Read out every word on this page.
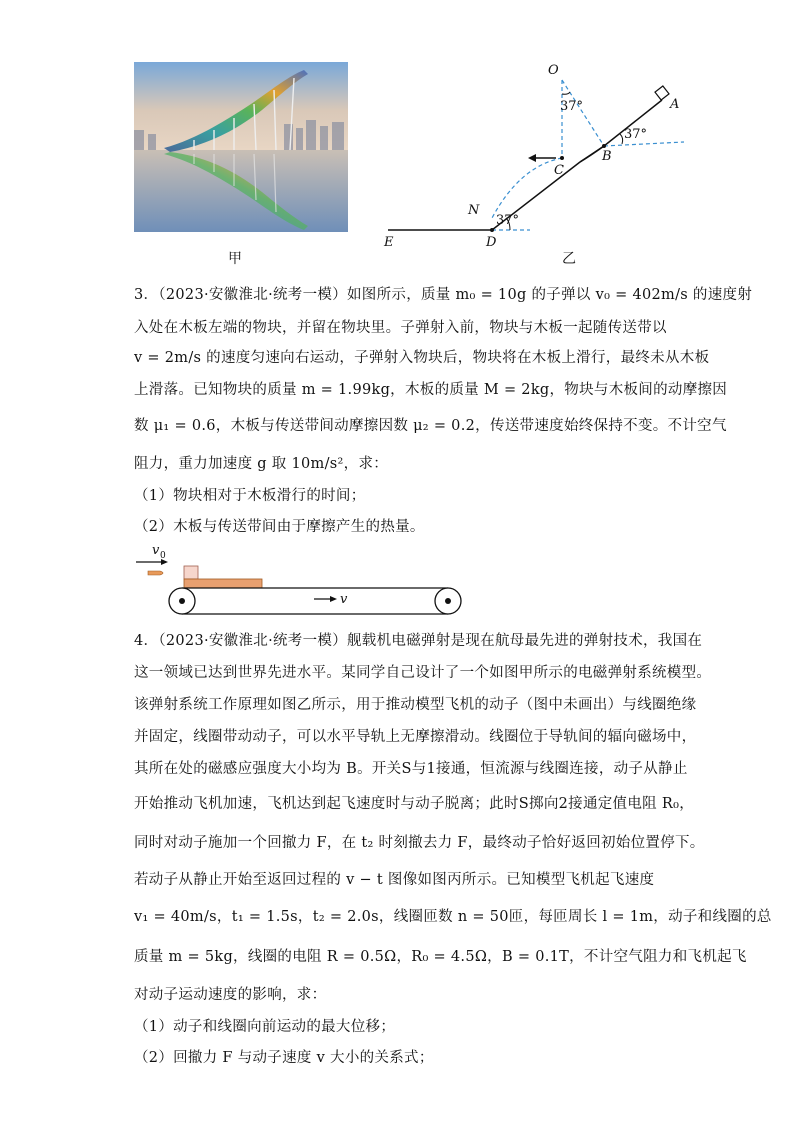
甲
O
37°	A
37°
B
C
N
37°
D
E
乙
3．（2023·安徽淮北·统考一模）如图所示，质量 m₀ = 10g 的子弹以 v₀ = 402m/s 的速度射
入处在木板左端的物块，并留在物块里。子弹射入前，物块与木板一起随传送带以
v = 2m/s 的速度匀速向右运动，子弹射入物块后，物块将在木板上滑行，最终未从木板
上滑落。已知物块的质量 m = 1.99kg，木板的质量 M = 2kg，物块与木板间的动摩擦因
数 μ₁ = 0.6，木板与传送带间动摩擦因数 μ₂ = 0.2，传送带速度始终保持不变。不计空气
阻力，重力加速度 g 取 10m/s²，求：
（1）物块相对于木板滑行的时间；
（2）木板与传送带间由于摩擦产生的热量。
v 0
v
4．（2023·安徽淮北·统考一模）舰载机电磁弹射是现在航母最先进的弹射技术，我国在
这一领域已达到世界先进水平。某同学自己设计了一个如图甲所示的电磁弹射系统模型。
该弹射系统工作原理如图乙所示，用于推动模型飞机的动子（图中未画出）与线圈绝缘
并固定，线圈带动动子，可以水平导轨上无摩擦滑动。线圈位于导轨间的辐向磁场中，
其所在处的磁感应强度大小均为 B。开关S与1接通，恒流源与线圈连接，动子从静止
开始推动飞机加速，飞机达到起飞速度时与动子脱离；此时S掷向2接通定值电阻 R₀，
同时对动子施加一个回撤力 F，在 t₂ 时刻撤去力 F，最终动子恰好返回初始位置停下。
若动子从静止开始至返回过程的 v − t 图像如图丙所示。已知模型飞机起飞速度
v₁ = 40m/s，t₁ = 1.5s，t₂ = 2.0s，线圈匝数 n = 50匝，每匝周长 l = 1m，动子和线圈的总
质量 m = 5kg，线圈的电阻 R = 0.5Ω，R₀ = 4.5Ω，B = 0.1T，不计空气阻力和飞机起飞
对动子运动速度的影响，求：
（1）动子和线圈向前运动的最大位移；
（2）回撤力 F 与动子速度 v 大小的关系式；
